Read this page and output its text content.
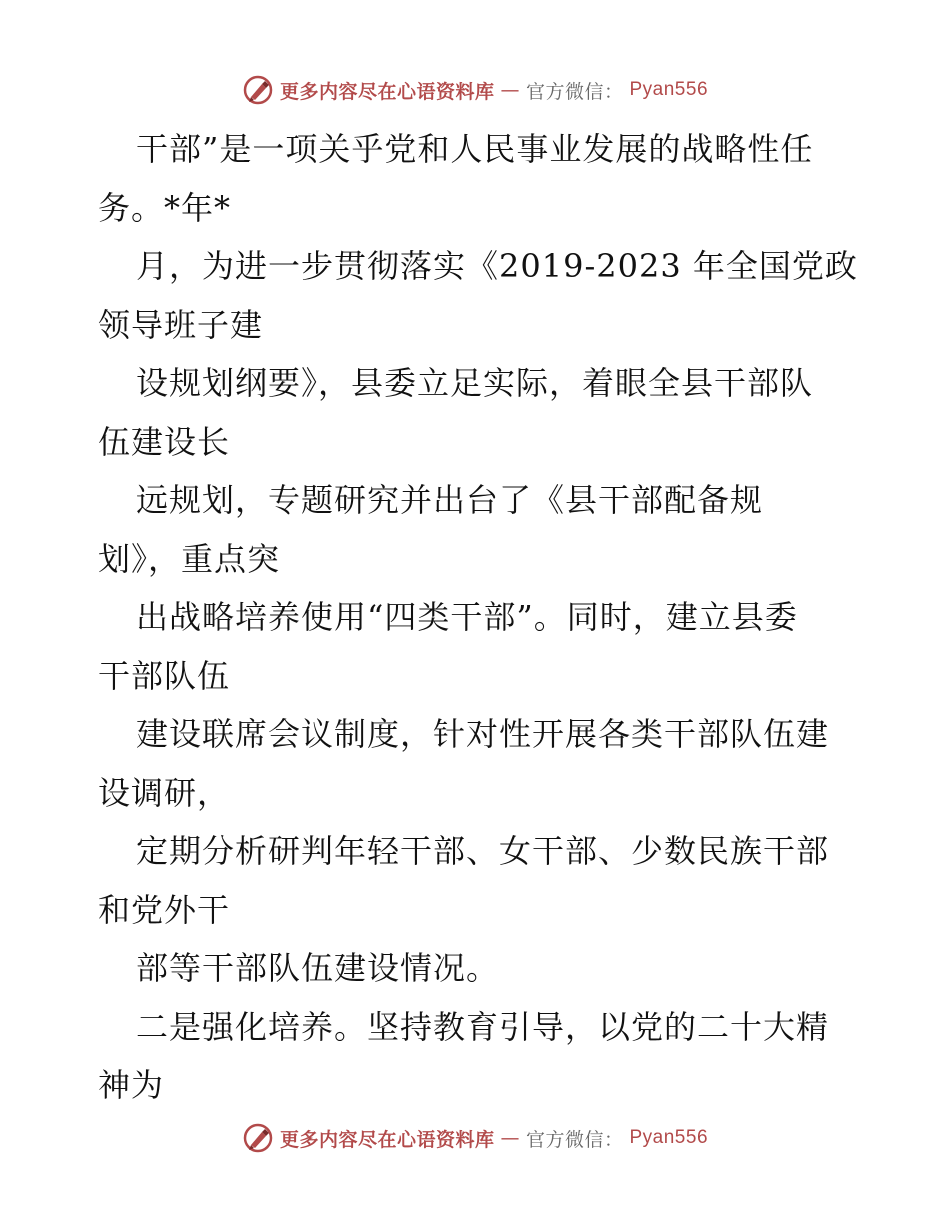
更多内容尽在心语资料库 — 官方微信： Pyan556
干部”是一项关乎党和人民事业发展的战略性任
务。*年*
月，为进一步贯彻落实《2019-2023 年全国党政
领导班子建
设规划纲要》，县委立足实际，着眼全县干部队
伍建设长
远规划，专题研究并出台了《县干部配备规
划》，重点突
出战略培养使用“四类干部”。同时，建立县委
干部队伍
建设联席会议制度，针对性开展各类干部队伍建
设调研，
定期分析研判年轻干部、女干部、少数民族干部
和党外干
部等干部队伍建设情况。
二是强化培养。坚持教育引导，以党的二十大精
神为
更多内容尽在心语资料库 — 官方微信： Pyan556
